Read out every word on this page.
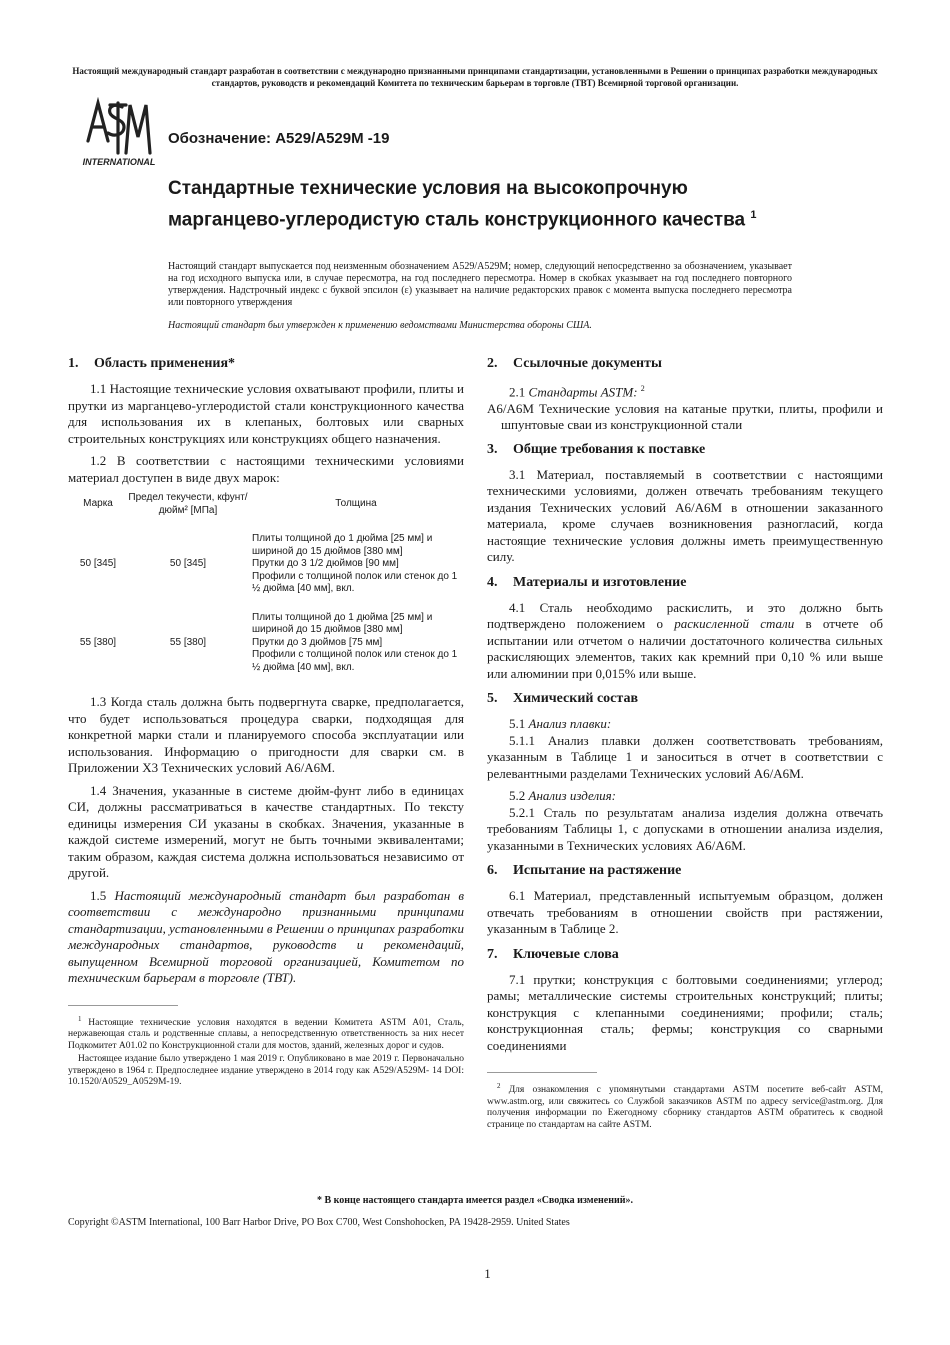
Настоящий международный стандарт разработан в соответствии с международно признанными принципами стандартизации, установленными в Решении о принципах разработки международных стандартов, руководств и рекомендаций Комитета по техническим барьерам в торговле (ТВТ) Всемирной торговой организации.
INTERNATIONAL
Обозначение: A529/A529M -19
Стандартные технические условия на высокопрочную марганцево-углеродистую сталь конструкционного качества $^1$
Настоящий стандарт выпускается под неизменным обозначением A529/A529M; номер, следующий непосредственно за обозначением, указывает на год исходного выпуска или, в случае пересмотра, на год последнего пересмотра. Номер в скобках указывает на год последнего повторного утверждения. Надстрочный индекс с буквой эпсилон (ε) указывает на наличие редакторских правок с момента выпуска последнего пересмотра или повторного утверждения
Настоящий стандарт был утвержден к применению ведомствами Министерства обороны США.
1. Область применения*

1.1 Настоящие технические условия охватывают профили, плиты и прутки из марганцево-углеродистой стали конструкционного качества для использования их в клепаных, болтовых или сварных строительных конструкциях или конструкциях общего назначения.

1.2 В соответствии с настоящими техническими условиями материал доступен в виде двух марок:

Марка	Предел текучести, кфунт/дюйм² [МПа]	Толщина
50 [345]	50 [345]	Плиты толщиной до 1 дюйма [25 мм] и шириной до 15 дюймов [380 мм]
Прутки до 3 1/2 дюймов [90 мм]
Профили с толщиной полок или стенок до 1 ½ дюйма [40 мм], вкл.

55 [380]	55 [380]	Плиты толщиной до 1 дюйма [25 мм] и шириной до 15 дюймов [380 мм]
Прутки до 3 дюймов [75 мм]
Профили с толщиной полок или стенок до 1 ½ дюйма [40 мм], вкл.

1.3 Когда сталь должна быть подвергнута сварке, предполагается, что будет использоваться процедура сварки, подходящая для конкретной марки стали и планируемого способа эксплуатации или использования. Информацию о пригодности для сварки см. в Приложении X3 Технических условий A6/A6M.

1.4 Значения, указанные в системе дюйм-фунт либо в единицах СИ, должны рассматриваться в качестве стандартных. По тексту единицы измерения СИ указаны в скобках. Значения, указанные в каждой системе измерений, могут не быть точными эквивалентами; таким образом, каждая система должна использоваться независимо от другой.

1.5 Настоящий международный стандарт был разработан в соответствии с международно признанными принципами стандартизации, установленными в Решении о принципах разработки международных стандартов, руководств и рекомендаций, выпущенном Всемирной торговой организацией, Комитетом по техническим барьерам в торговле (ТВТ).

$^1$ Настоящие технические условия находятся в ведении Комитета ASTM A01, Сталь, нержавеющая сталь и родственные сплавы, а непосредственную ответственность за них несет Подкомитет A01.02 по Конструкционной стали для мостов, зданий, железных дорог и судов.

Настоящее издание было утверждено 1 мая 2019 г. Опубликовано в мае 2019 г. Первоначально утверждено в 1964 г. Предпоследнее издание утверждено в 2014 году как A529/A529M- 14 DOI: 10.1520/A0529_A0529M-19.

2. Ссылочные документы

2.1 Стандарты ASTM: $^2$

A6/A6M Технические условия на катаные прутки, плиты, профили и шпунтовые сваи из конструкционной стали

3. Общие требования к поставке

3.1 Материал, поставляемый в соответствии с настоящими техническими условиями, должен отвечать требованиям текущего издания Технических условий A6/A6M в отношении заказанного материала, кроме случаев возникновения разногласий, когда настоящие технические условия должны иметь преимущественную силу.

4. Материалы и изготовление

4.1 Сталь необходимо раскислить, и это должно быть подтверждено положением о раскисленной стали в отчете об испытании или отчетом о наличии достаточного количества сильных раскисляющих элементов, таких как кремний при 0,10 % или выше или алюминии при 0,015% или выше.

5. Химический состав

5.1 Анализ плавки:

5.1.1 Анализ плавки должен соответствовать требованиям, указанным в Таблице 1 и заноситься в отчет в соответствии с релевантными разделами Технических условий A6/A6M.

5.2 Анализ изделия:

5.2.1 Сталь по результатам анализа изделия должна отвечать требованиям Таблицы 1, с допусками в отношении анализа изделия, указанными в Технических условиях A6/A6M.

6. Испытание на растяжение

6.1 Материал, представленный испытуемым образцом, должен отвечать требованиям в отношении свойств при растяжении, указанным в Таблице 2.

7. Ключевые слова

7.1 прутки; конструкция с болтовыми соединениями; углерод; рамы; металлические системы строительных конструкций; плиты; конструкция с клепанными соединениями; профили; сталь; конструкционная сталь; фермы; конструкция со сварными соединениями

$^2$ Для ознакомления с упомянутыми стандартами ASTM посетите веб-сайт ASTM, www.astm.org, или свяжитесь со Службой заказчиков ASTM по адресу service@astm.org. Для получения информации по Ежегодному сборнику стандартов ASTM обратитесь к сводной странице по стандартам на сайте ASTM.

* В конце настоящего стандарта имеется раздел «Сводка изменений».
Copyright ©ASTM International, 100 Barr Harbor Drive, PO Box C700, West Conshohocken, PA 19428-2959. United States
1
